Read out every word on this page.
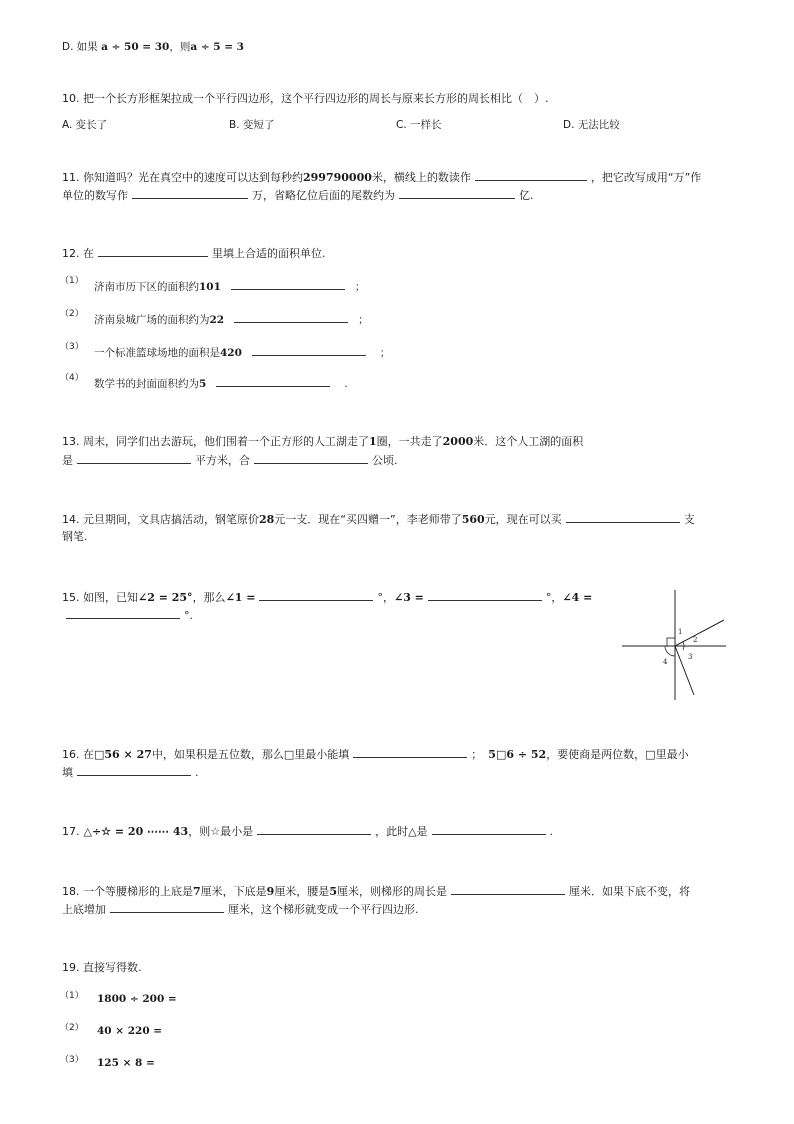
D. 如果 a ÷ 50 = 30，则a ÷ 5 = 3
10. 把一个长方形框架拉成一个平行四边形，这个平行四边形的周长与原来长方形的周长相比（　）.
A. 变长了	B. 变短了	C. 一样长	D. 无法比较
11. 你知道吗？光在真空中的速度可以达到每秒约299790000米，横线上的数读作	，把它改写成用“万”作
单位的数写作	万，省略亿位后面的尾数约为	亿.
12. 在	里填上合适的面积单位.
（1） 济南市历下区的面积约101	；
（2） 济南泉城广场的面积约为22	；
（3） 一个标准篮球场地的面积是420	；
（4） 数学书的封面面积约为5	.
13. 周末，同学们出去游玩，他们围着一个正方形的人工湖走了1圈，一共走了2000米．这个人工湖的面积
是	平方米，合	公顷.
14. 元旦期间，文具店搞活动，钢笔原价28元一支．现在“买四赠一”，李老师带了560元，现在可以买	支
钢笔.
15. 如图，已知∠2 = 25°，那么∠1 =	°，∠3 =	°，∠4 =
°.
1
2
3
4
16. 在□56 × 27中，如果积是五位数，那么□里最小能填	； 5□6 ÷ 52，要使商是两位数，□里最小
填	.
17. △÷☆ = 20 ⋯⋯ 43，则☆最小是	，此时△是	.
18. 一个等腰梯形的上底是7厘米，下底是9厘米，腰是5厘米，则梯形的周长是	厘米．如果下底不变，将
上底增加	厘米，这个梯形就变成一个平行四边形.
19. 直接写得数.
（1） 1800 ÷ 200 =
（2） 40 × 220 =
（3） 125 × 8 =
